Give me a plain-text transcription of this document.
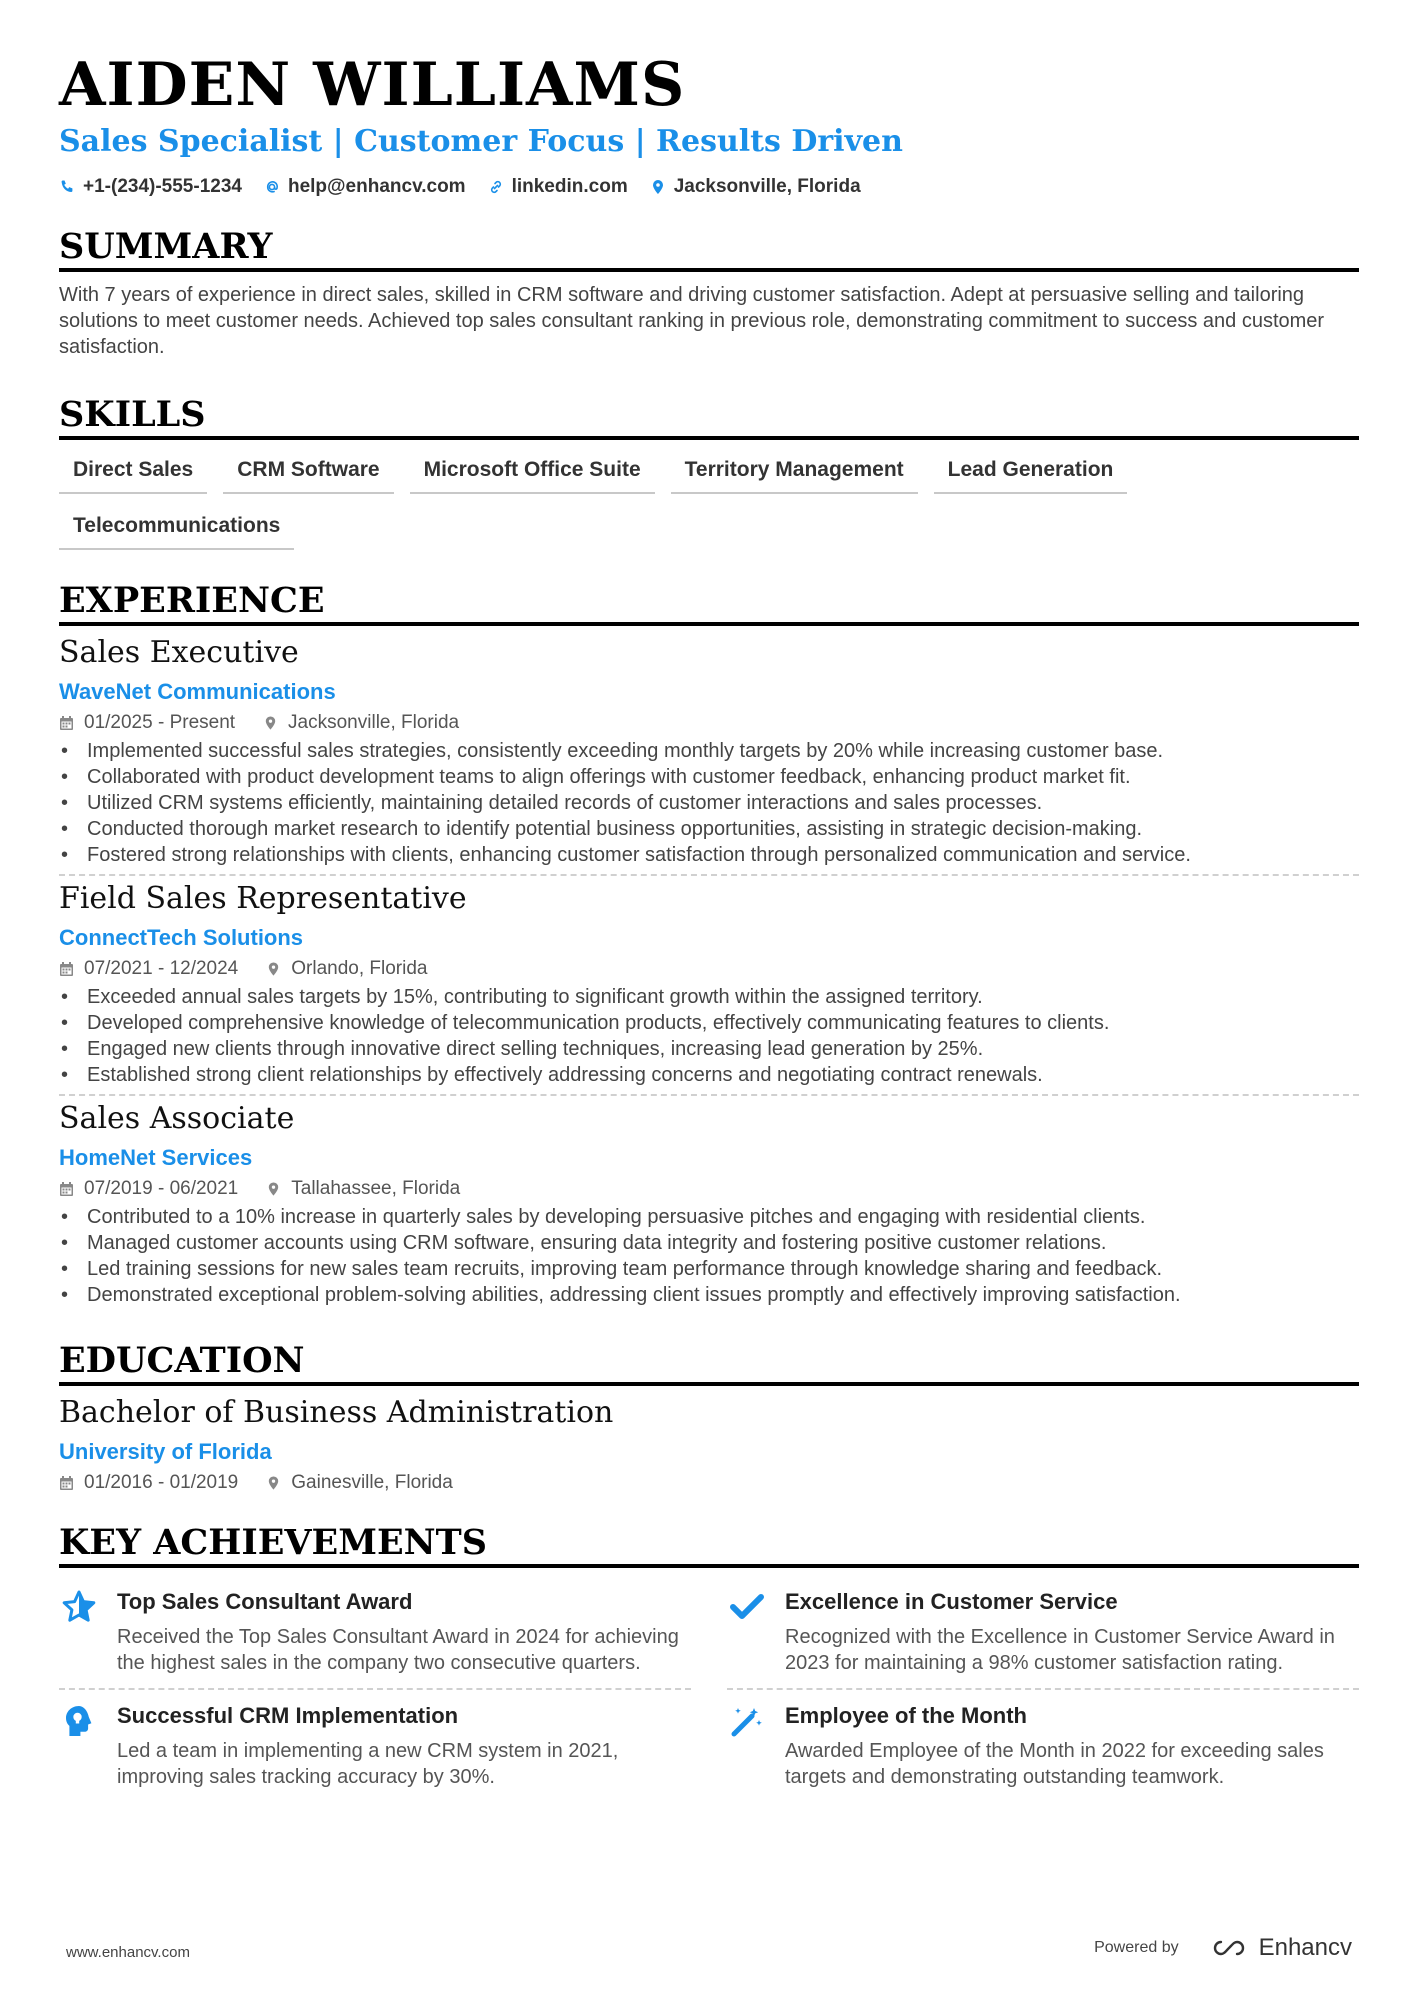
AIDEN WILLIAMS
Sales Specialist | Customer Focus | Results Driven
+1-(234)-555-1234 help@enhancv.com linkedin.com Jacksonville, Florida
SUMMARY
With 7 years of experience in direct sales, skilled in CRM software and driving customer satisfaction. Adept at persuasive selling and tailoring solutions to meet customer needs. Achieved top sales consultant ranking in previous role, demonstrating commitment to success and customer satisfaction.
SKILLS
Direct Sales	CRM Software	Microsoft Office Suite	Territory Management	Lead Generation
Telecommunications
EXPERIENCE
Sales Executive
WaveNet Communications
01/2025 - Present	Jacksonville, Florida
• Implemented successful sales strategies, consistently exceeding monthly targets by 20% while increasing customer base.
• Collaborated with product development teams to align offerings with customer feedback, enhancing product market fit.
• Utilized CRM systems efficiently, maintaining detailed records of customer interactions and sales processes.
• Conducted thorough market research to identify potential business opportunities, assisting in strategic decision-making.
• Fostered strong relationships with clients, enhancing customer satisfaction through personalized communication and service.
Field Sales Representative
ConnectTech Solutions
07/2021 - 12/2024	Orlando, Florida
• Exceeded annual sales targets by 15%, contributing to significant growth within the assigned territory.
• Developed comprehensive knowledge of telecommunication products, effectively communicating features to clients.
• Engaged new clients through innovative direct selling techniques, increasing lead generation by 25%.
• Established strong client relationships by effectively addressing concerns and negotiating contract renewals.
Sales Associate
HomeNet Services
07/2019 - 06/2021	Tallahassee, Florida
• Contributed to a 10% increase in quarterly sales by developing persuasive pitches and engaging with residential clients.
• Managed customer accounts using CRM software, ensuring data integrity and fostering positive customer relations.
• Led training sessions for new sales team recruits, improving team performance through knowledge sharing and feedback.
• Demonstrated exceptional problem-solving abilities, addressing client issues promptly and effectively improving satisfaction.
EDUCATION
Bachelor of Business Administration
University of Florida
01/2016 - 01/2019	Gainesville, Florida
KEY ACHIEVEMENTS
Top Sales Consultant Award
Received the Top Sales Consultant Award in 2024 for achieving the highest sales in the company two consecutive quarters.
Excellence in Customer Service
Recognized with the Excellence in Customer Service Award in 2023 for maintaining a 98% customer satisfaction rating.
Successful CRM Implementation
Led a team in implementing a new CRM system in 2021, improving sales tracking accuracy by 30%.
Employee of the Month
Awarded Employee of the Month in 2022 for exceeding sales targets and demonstrating outstanding teamwork.
www.enhancv.com	Powered by	Enhancv
